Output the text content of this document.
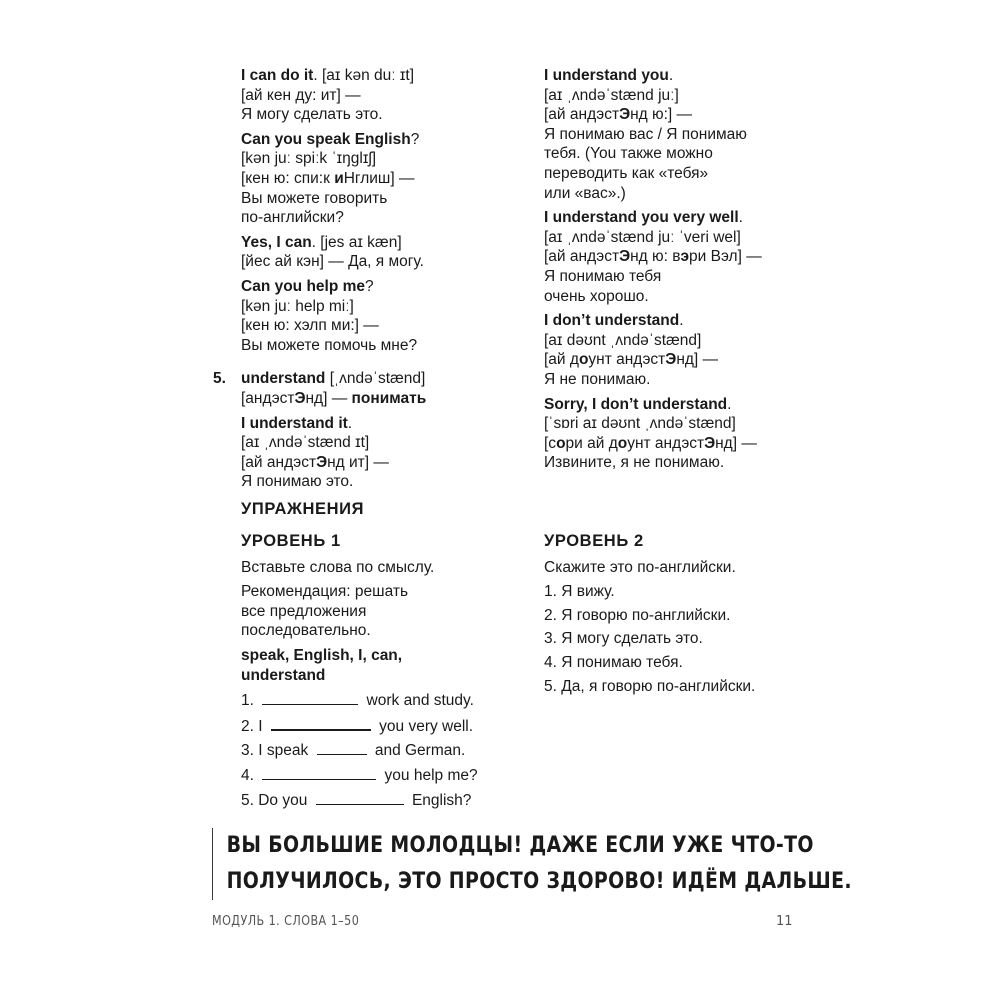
I can do it. [aɪ kən duː ɪt]
[ай кен ду: ит] —
Я могу сделать это.
Can you speak English?
[kən juː spiːk ˈɪŋglɪʃ]
[кен ю: спи:к иНглиш] —
Вы можете говорить
по-английски?
Yes, I can. [jes aɪ kæn]
[йес ай кэн] — Да, я могу.
Can you help me?
[kən juː help miː]
[кен ю: хэлп ми:] —
Вы можете помочь мне?
5. understand [ˌʌndəˈstænd]
[андэстЭнд] — понимать
I understand it.
[aɪ ˌʌndəˈstænd ɪt]
[ай андэстЭнд ит] —
Я понимаю это.
I understand you.
[aɪ ˌʌndəˈstænd juː]
[ай андэстЭнд ю:] —
Я понимаю вас / Я понимаю
тебя. (You также можно
переводить как «тебя»
или «вас».)
I understand you very well.
[aɪ ˌʌndəˈstænd juː ˈveri wel]
[ай андэстЭнд ю: вэри Вэл] —
Я понимаю тебя
очень хорошо.
I don’t understand.
[aɪ dəʊnt ˌʌndəˈstænd]
[ай доунт андэстЭнд] —
Я не понимаю.
Sorry, I don’t understand.
[ˈsɒri aɪ dəʊnt ˌʌndəˈstænd]
[сори ай доунт андэстЭнд] —
Извините, я не понимаю.
УПРАЖНЕНИЯ
УРОВЕНЬ 1
Вставьте слова по смыслу.
Рекомендация: решать
все предложения
последовательно.
speak, English, I, can,
understand
1.	work and study.
2. I	you very well.
3. I speak	and German.
4.	you help me?
5. Do you	English?
УРОВЕНЬ 2
Скажите это по-английски.
1. Я вижу.
2. Я говорю по-английски.
3. Я могу сделать это.
4. Я понимаю тебя.
5. Да, я говорю по-английски.
ВЫ БОЛЬШИЕ МОЛОДЦЫ! ДАЖЕ ЕСЛИ УЖЕ ЧТО-ТО
ПОЛУЧИЛОСЬ, ЭТО ПРОСТО ЗДОРОВО! ИДЁМ ДАЛЬШЕ.
МОДУЛЬ 1. СЛОВА 1–50	11
